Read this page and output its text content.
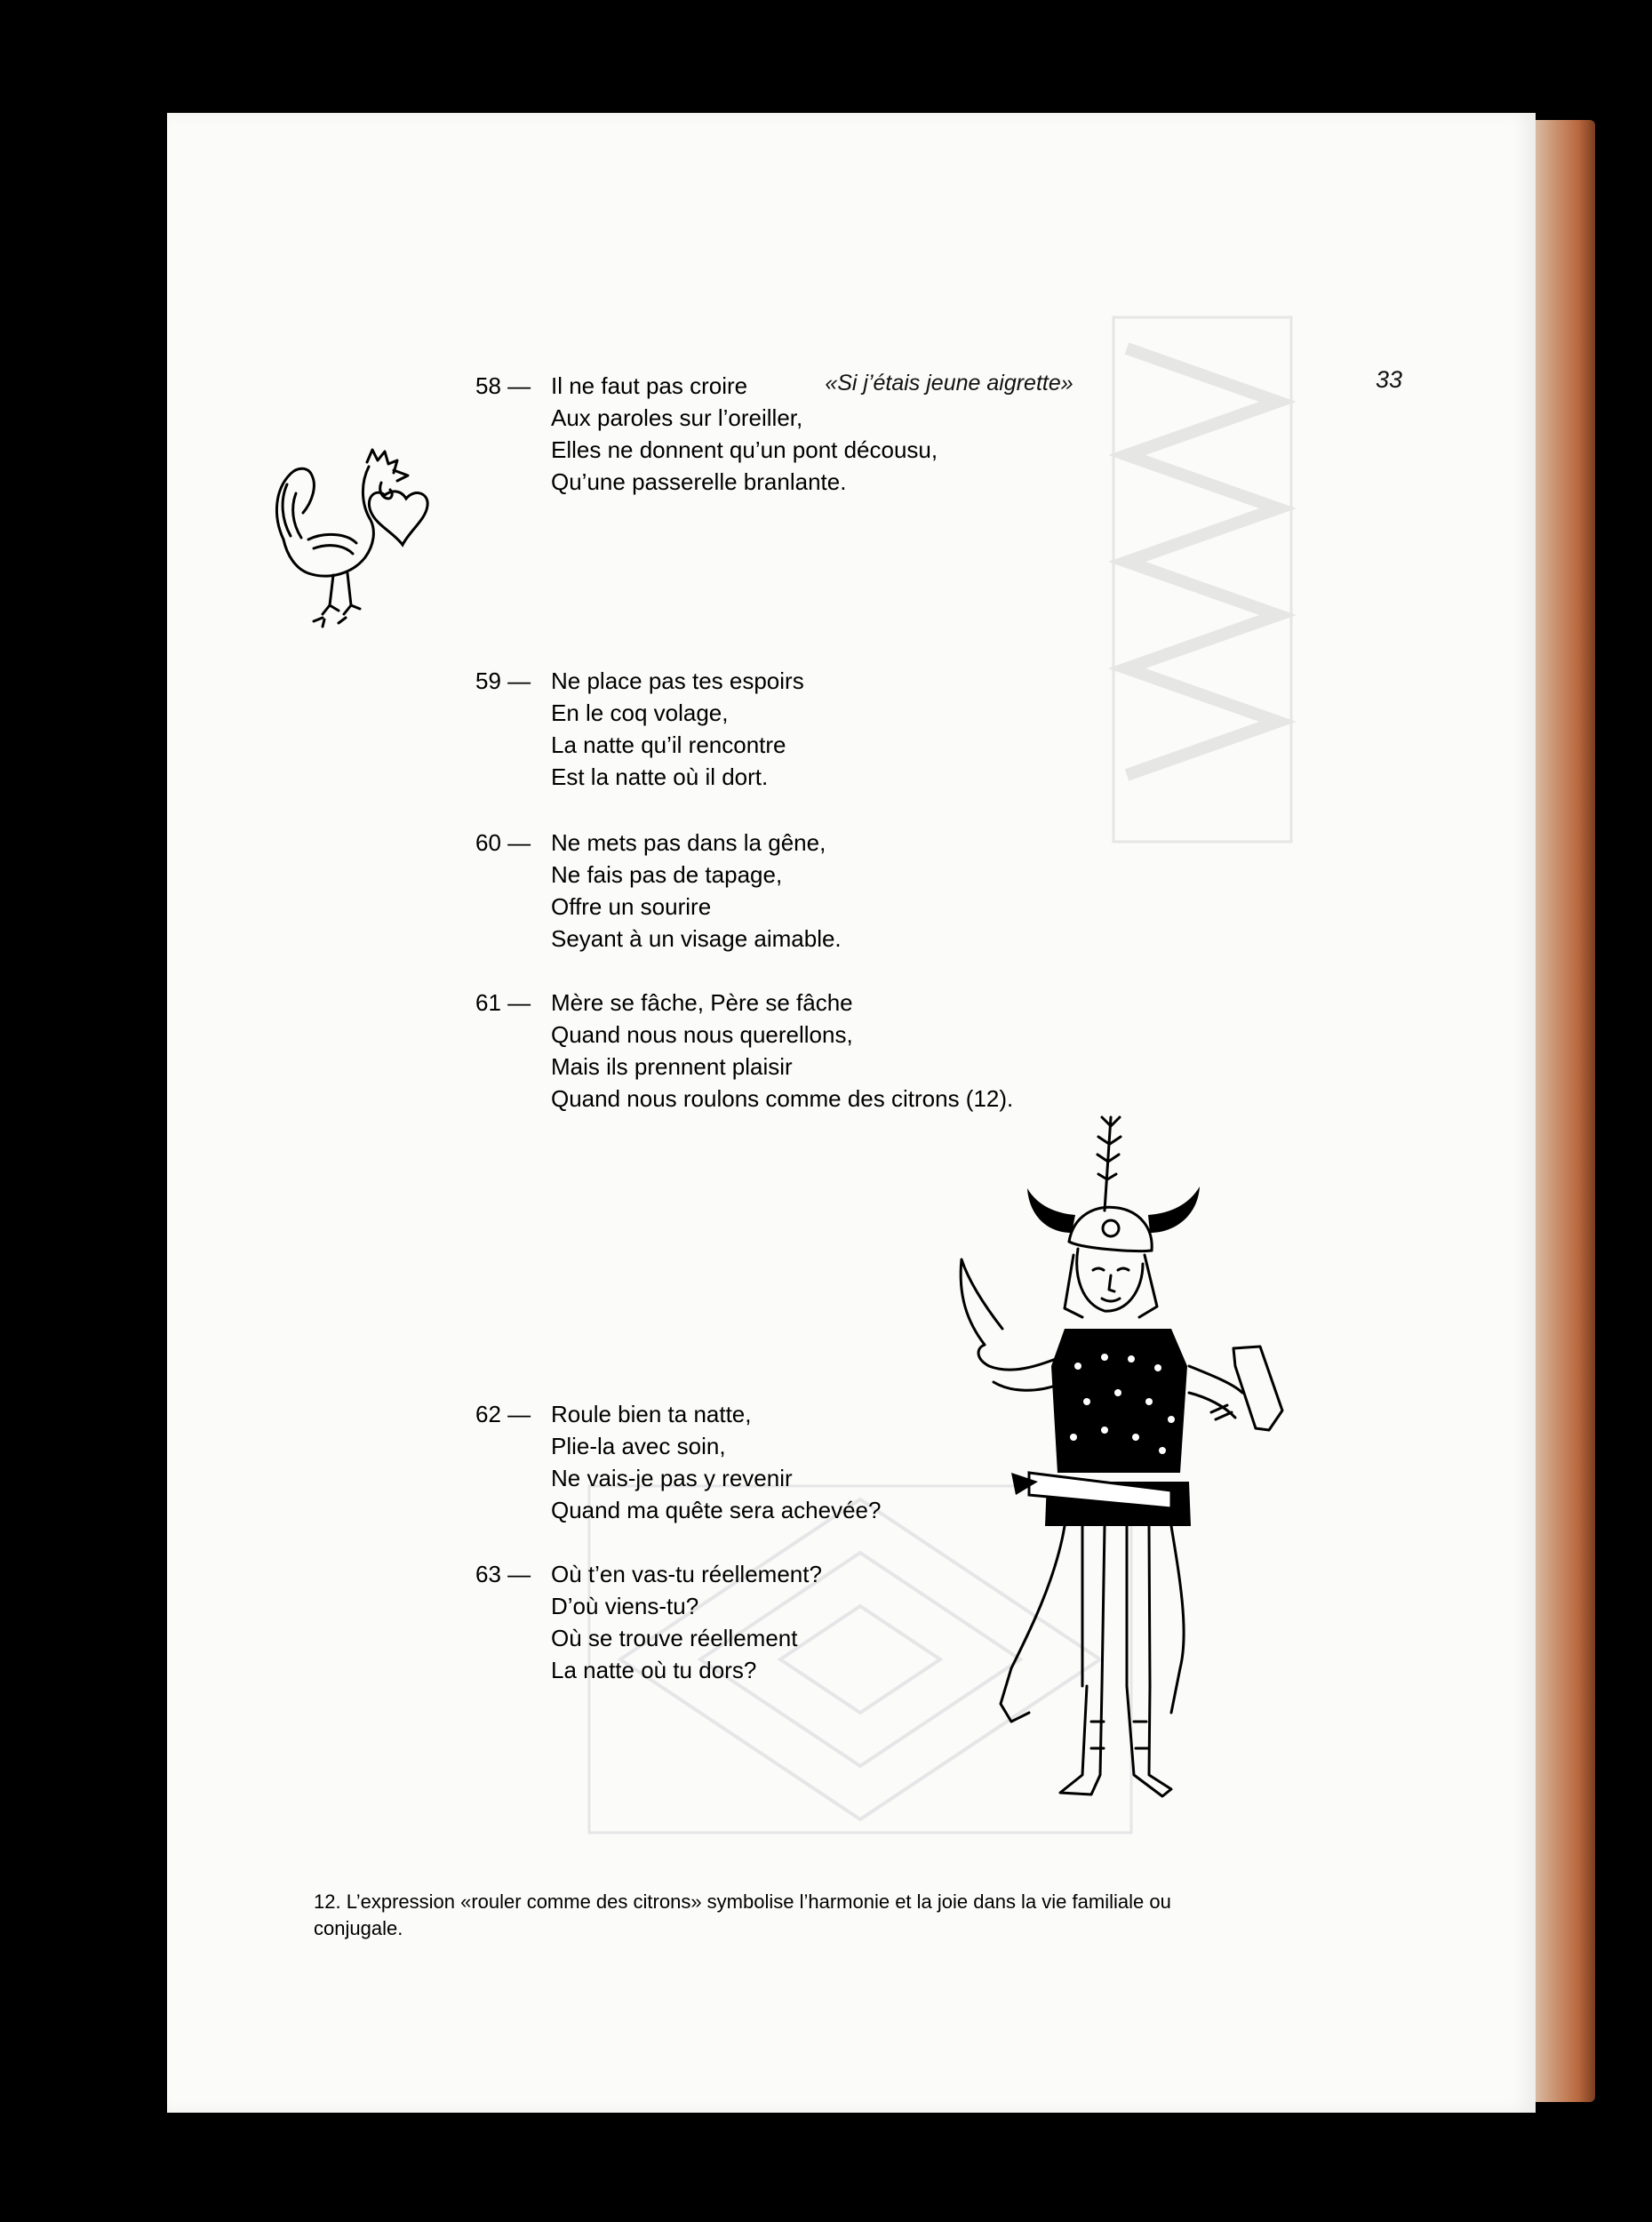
«Si j’étais jeune aigrette»	33
58 — Il ne faut pas croire
Aux paroles sur l’oreiller,
Elles ne donnent qu’un pont décousu,
Qu’une passerelle branlante.
59 — Ne place pas tes espoirs
En le coq volage,
La natte qu’il rencontre
Est la natte où il dort.
60 — Ne mets pas dans la gêne,
Ne fais pas de tapage,
Offre un sourire
Seyant à un visage aimable.
61 — Mère se fâche, Père se fâche
Quand nous nous querellons,
Mais ils prennent plaisir
Quand nous roulons comme des citrons (12).
62 — Roule bien ta natte,
Plie-la avec soin,
Ne vais-je pas y revenir
Quand ma quête sera achevée?
63 — Où t’en vas-tu réellement?
D’où viens-tu?
Où se trouve réellement
La natte où tu dors?
12. L’expression «rouler comme des citrons» symbolise l’harmonie et la joie dans la vie familiale ou conjugale.
